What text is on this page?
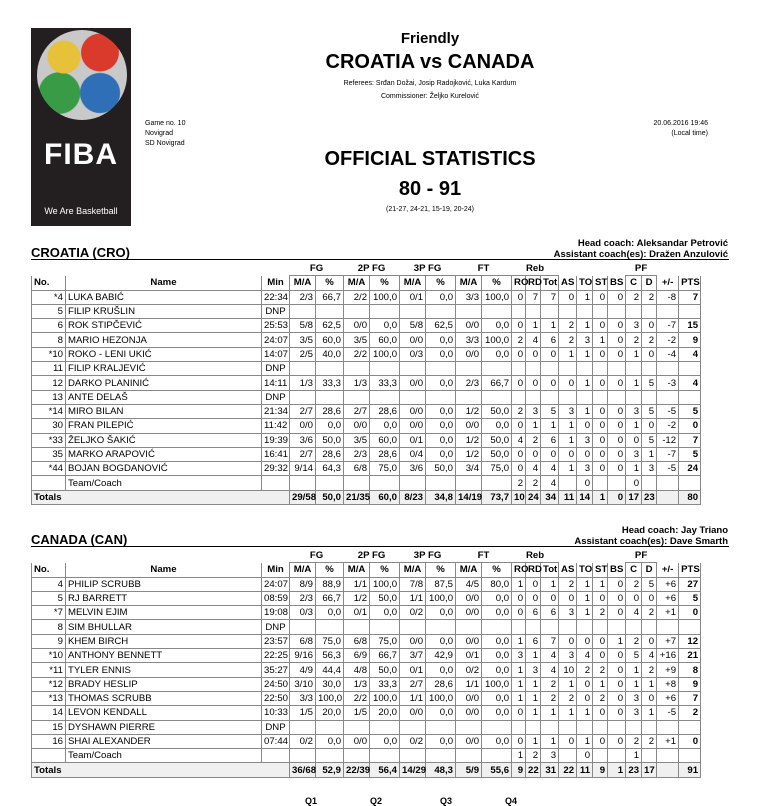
FIBA
We Are Basketball
Friendly
CROATIA vs CANADA
Referees: Srđan Dožai, Josip Radojković, Luka Kardum
Commissioner: Željko Kurelović
Game no. 10
Novigrad
SD Novigrad
20.06.2016 19:46
(Local time)
OFFICIAL STATISTICS
80 - 91
(21-27, 24-21, 15-19, 20-24)
Head coach: Aleksandar Petrović
Assistant coach(es): Dražen Anzulović
CROATIA (CRO)
			FG		2P FG		3P FG		FT		Reb							PF			
No.	Name	Min	M/A	%	M/A	%	M/A	%	M/A	%	RO	RD	Tot	AS	TO	ST	BS	C	D	+/-	PTS
*4	LUKA BABIĆ	22:34	2/3	66,7	2/2	100,0	0/1	0,0	3/3	100,0	0	7	7	0	1	0	0	2	2	-8	7
5	FILIP KRUŠLIN	DNP																			
6	ROK STIPČEVIĆ	25:53	5/8	62,5	0/0	0,0	5/8	62,5	0/0	0,0	0	1	1	2	1	0	0	3	0	-7	15
8	MARIO HEZONJA	24:07	3/5	60,0	3/5	60,0	0/0	0,0	3/3	100,0	2	4	6	2	3	1	0	2	2	-2	9
*10	ROKO - LENI UKIĆ	14:07	2/5	40,0	2/2	100,0	0/3	0,0	0/0	0,0	0	0	0	1	1	0	0	1	0	-4	4
11	FILIP KRALJEVIĆ	DNP																			
12	DARKO PLANINIĆ	14:11	1/3	33,3	1/3	33,3	0/0	0,0	2/3	66,7	0	0	0	0	1	0	0	1	5	-3	4
13	ANTE DELAŠ	DNP																			
*14	MIRO BILAN	21:34	2/7	28,6	2/7	28,6	0/0	0,0	1/2	50,0	2	3	5	3	1	0	0	3	5	-5	5
30	FRAN PILEPIĆ	11:42	0/0	0,0	0/0	0,0	0/0	0,0	0/0	0,0	0	1	1	1	0	0	0	1	0	-2	0
*33	ŽELJKO ŠAKIĆ	19:39	3/6	50,0	3/5	60,0	0/1	0,0	1/2	50,0	4	2	6	1	3	0	0	0	5	-12	7
35	MARKO ARAPOVIĆ	16:41	2/7	28,6	2/3	28,6	0/4	0,0	1/2	50,0	0	0	0	0	0	0	0	3	1	-7	5
*44	BOJAN BOGDANOVIĆ	29:32	9/14	64,3	6/8	75,0	3/6	50,0	3/4	75,0	0	4	4	1	3	0	0	1	3	-5	24
	Team/Coach										2	2	4		0			0			
Totals			29/58	50,0	21/35	60,0	8/23	34,8	14/19	73,7	10	24	34	11	14	1	0	17	23		80
Head coach: Jay Triano
Assistant coach(es): Dave Smarth
CANADA (CAN)
			FG		2P FG		3P FG		FT		Reb							PF			
No.	Name	Min	M/A	%	M/A	%	M/A	%	M/A	%	RO	RD	Tot	AS	TO	ST	BS	C	D	+/-	PTS
4	PHILIP SCRUBB	24:07	8/9	88,9	1/1	100,0	7/8	87,5	4/5	80,0	1	0	1	2	1	1	0	2	5	+6	27
5	RJ BARRETT	08:59	2/3	66,7	1/2	50,0	1/1	100,0	0/0	0,0	0	0	0	0	1	0	0	0	0	+6	5
*7	MELVIN EJIM	19:08	0/3	0,0	0/1	0,0	0/2	0,0	0/0	0,0	0	6	6	3	1	2	0	4	2	+1	0
8	SIM BHULLAR	DNP																			
9	KHEM BIRCH	23:57	6/8	75,0	6/8	75,0	0/0	0,0	0/0	0,0	1	6	7	0	0	0	1	2	0	+7	12
*10	ANTHONY BENNETT	22:25	9/16	56,3	6/9	66,7	3/7	42,9	0/1	0,0	3	1	4	3	4	0	0	5	4	+16	21
*11	TYLER ENNIS	35:27	4/9	44,4	4/8	50,0	0/1	0,0	0/2	0,0	1	3	4	10	2	2	0	1	2	+9	8
*12	BRADY HESLIP	24:50	3/10	30,0	1/3	33,3	2/7	28,6	1/1	100,0	1	1	2	1	0	1	0	1	1	+8	9
*13	THOMAS SCRUBB	22:50	3/3	100,0	2/2	100,0	1/1	100,0	0/0	0,0	1	1	2	2	0	2	0	3	0	+6	7
14	LEVON KENDALL	10:33	1/5	20,0	1/5	20,0	0/0	0,0	0/0	0,0	0	1	1	1	1	0	0	3	1	-5	2
15	DYSHAWN PIERRE	DNP																			
16	SHAI ALEXANDER	07:44	0/2	0,0	0/0	0,0	0/2	0,0	0/0	0,0	0	1	1	0	1	0	0	2	2	+1	0
	Team/Coach										1	2	3		0			1			
Totals			36/68	52,9	22/39	56,4	14/29	48,3	5/9	55,6	9	22	31	22	11	9	1	23	17		91
Q1	Q2	Q3	Q4
